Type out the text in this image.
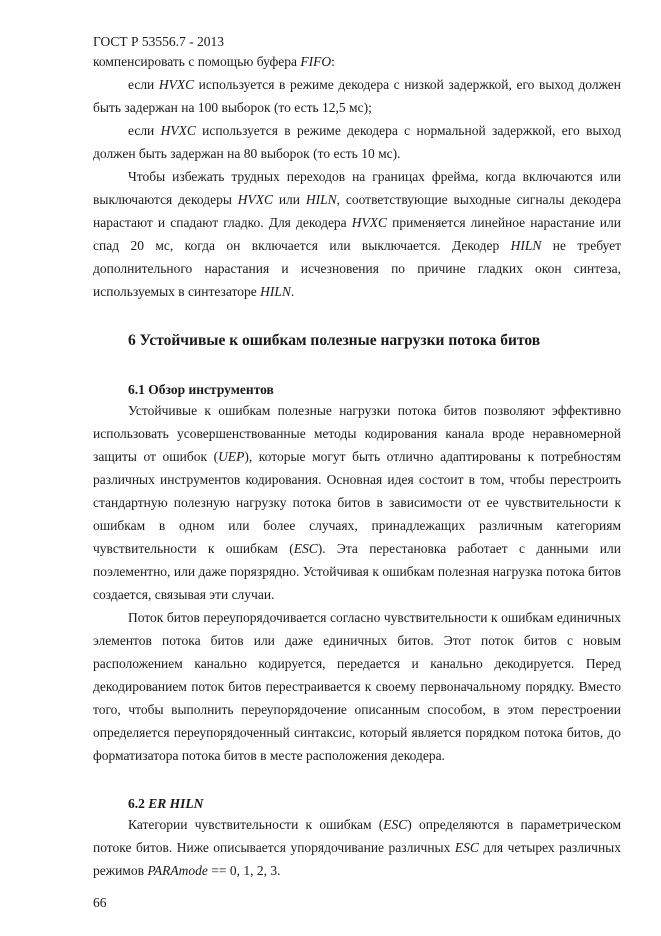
ГОСТ Р 53556.7 - 2013

компенсировать с помощью буфера FIFO:

если HVXC используется в режиме декодера с низкой задержкой, его выход должен быть задержан на 100 выборок (то есть 12,5 мс);

если HVXC используется в режиме декодера с нормальной задержкой, его выход должен быть задержан на 80 выборок (то есть 10 мс).

Чтобы избежать трудных переходов на границах фрейма, когда включаются или выключаются декодеры HVXC или HILN, соответствующие выходные сигналы декодера нарастают и спадают гладко. Для декодера HVXC применяется линейное нарастание или спад 20 мс, когда он включается или выключается. Декодер HILN не требует дополнительного нарастания и исчезновения по причине гладких окон синтеза, используемых в синтезаторе HILN.

6 Устойчивые к ошибкам полезные нагрузки потока битов
6.1 Обзор инструментов

Устойчивые к ошибкам полезные нагрузки потока битов позволяют эффективно использовать усовершенствованные методы кодирования канала вроде неравномерной защиты от ошибок (UEP), которые могут быть отлично адаптированы к потребностям различных инструментов кодирования. Основная идея состоит в том, чтобы перестроить стандартную полезную нагрузку потока битов в зависимости от ее чувствительности к ошибкам в одном или более случаях, принадлежащих различным категориям чувствительности к ошибкам (ESC). Эта перестановка работает с данными или поэлементно, или даже порязрядно. Устойчивая к ошибкам полезная нагрузка потока битов создается, связывая эти случаи.

Поток битов переупорядочивается согласно чувствительности к ошибкам единичных элементов потока битов или даже единичных битов. Этот поток битов с новым расположением канально кодируется, передается и канально декодируется. Перед декодированием поток битов перестраивается к своему первоначальному порядку. Вместо того, чтобы выполнить переупорядочение описанным способом, в этом перестроении определяется переупорядоченный синтаксис, который является порядком потока битов, до форматизатора потока битов в месте расположения декодера.

6.2 ER HILN

Категории чувствительности к ошибкам (ESC) определяются в параметрическом потоке битов. Ниже описывается упорядочивание различных ESC для четырех различных режимов PARAmode == 0, 1, 2, 3.

66
